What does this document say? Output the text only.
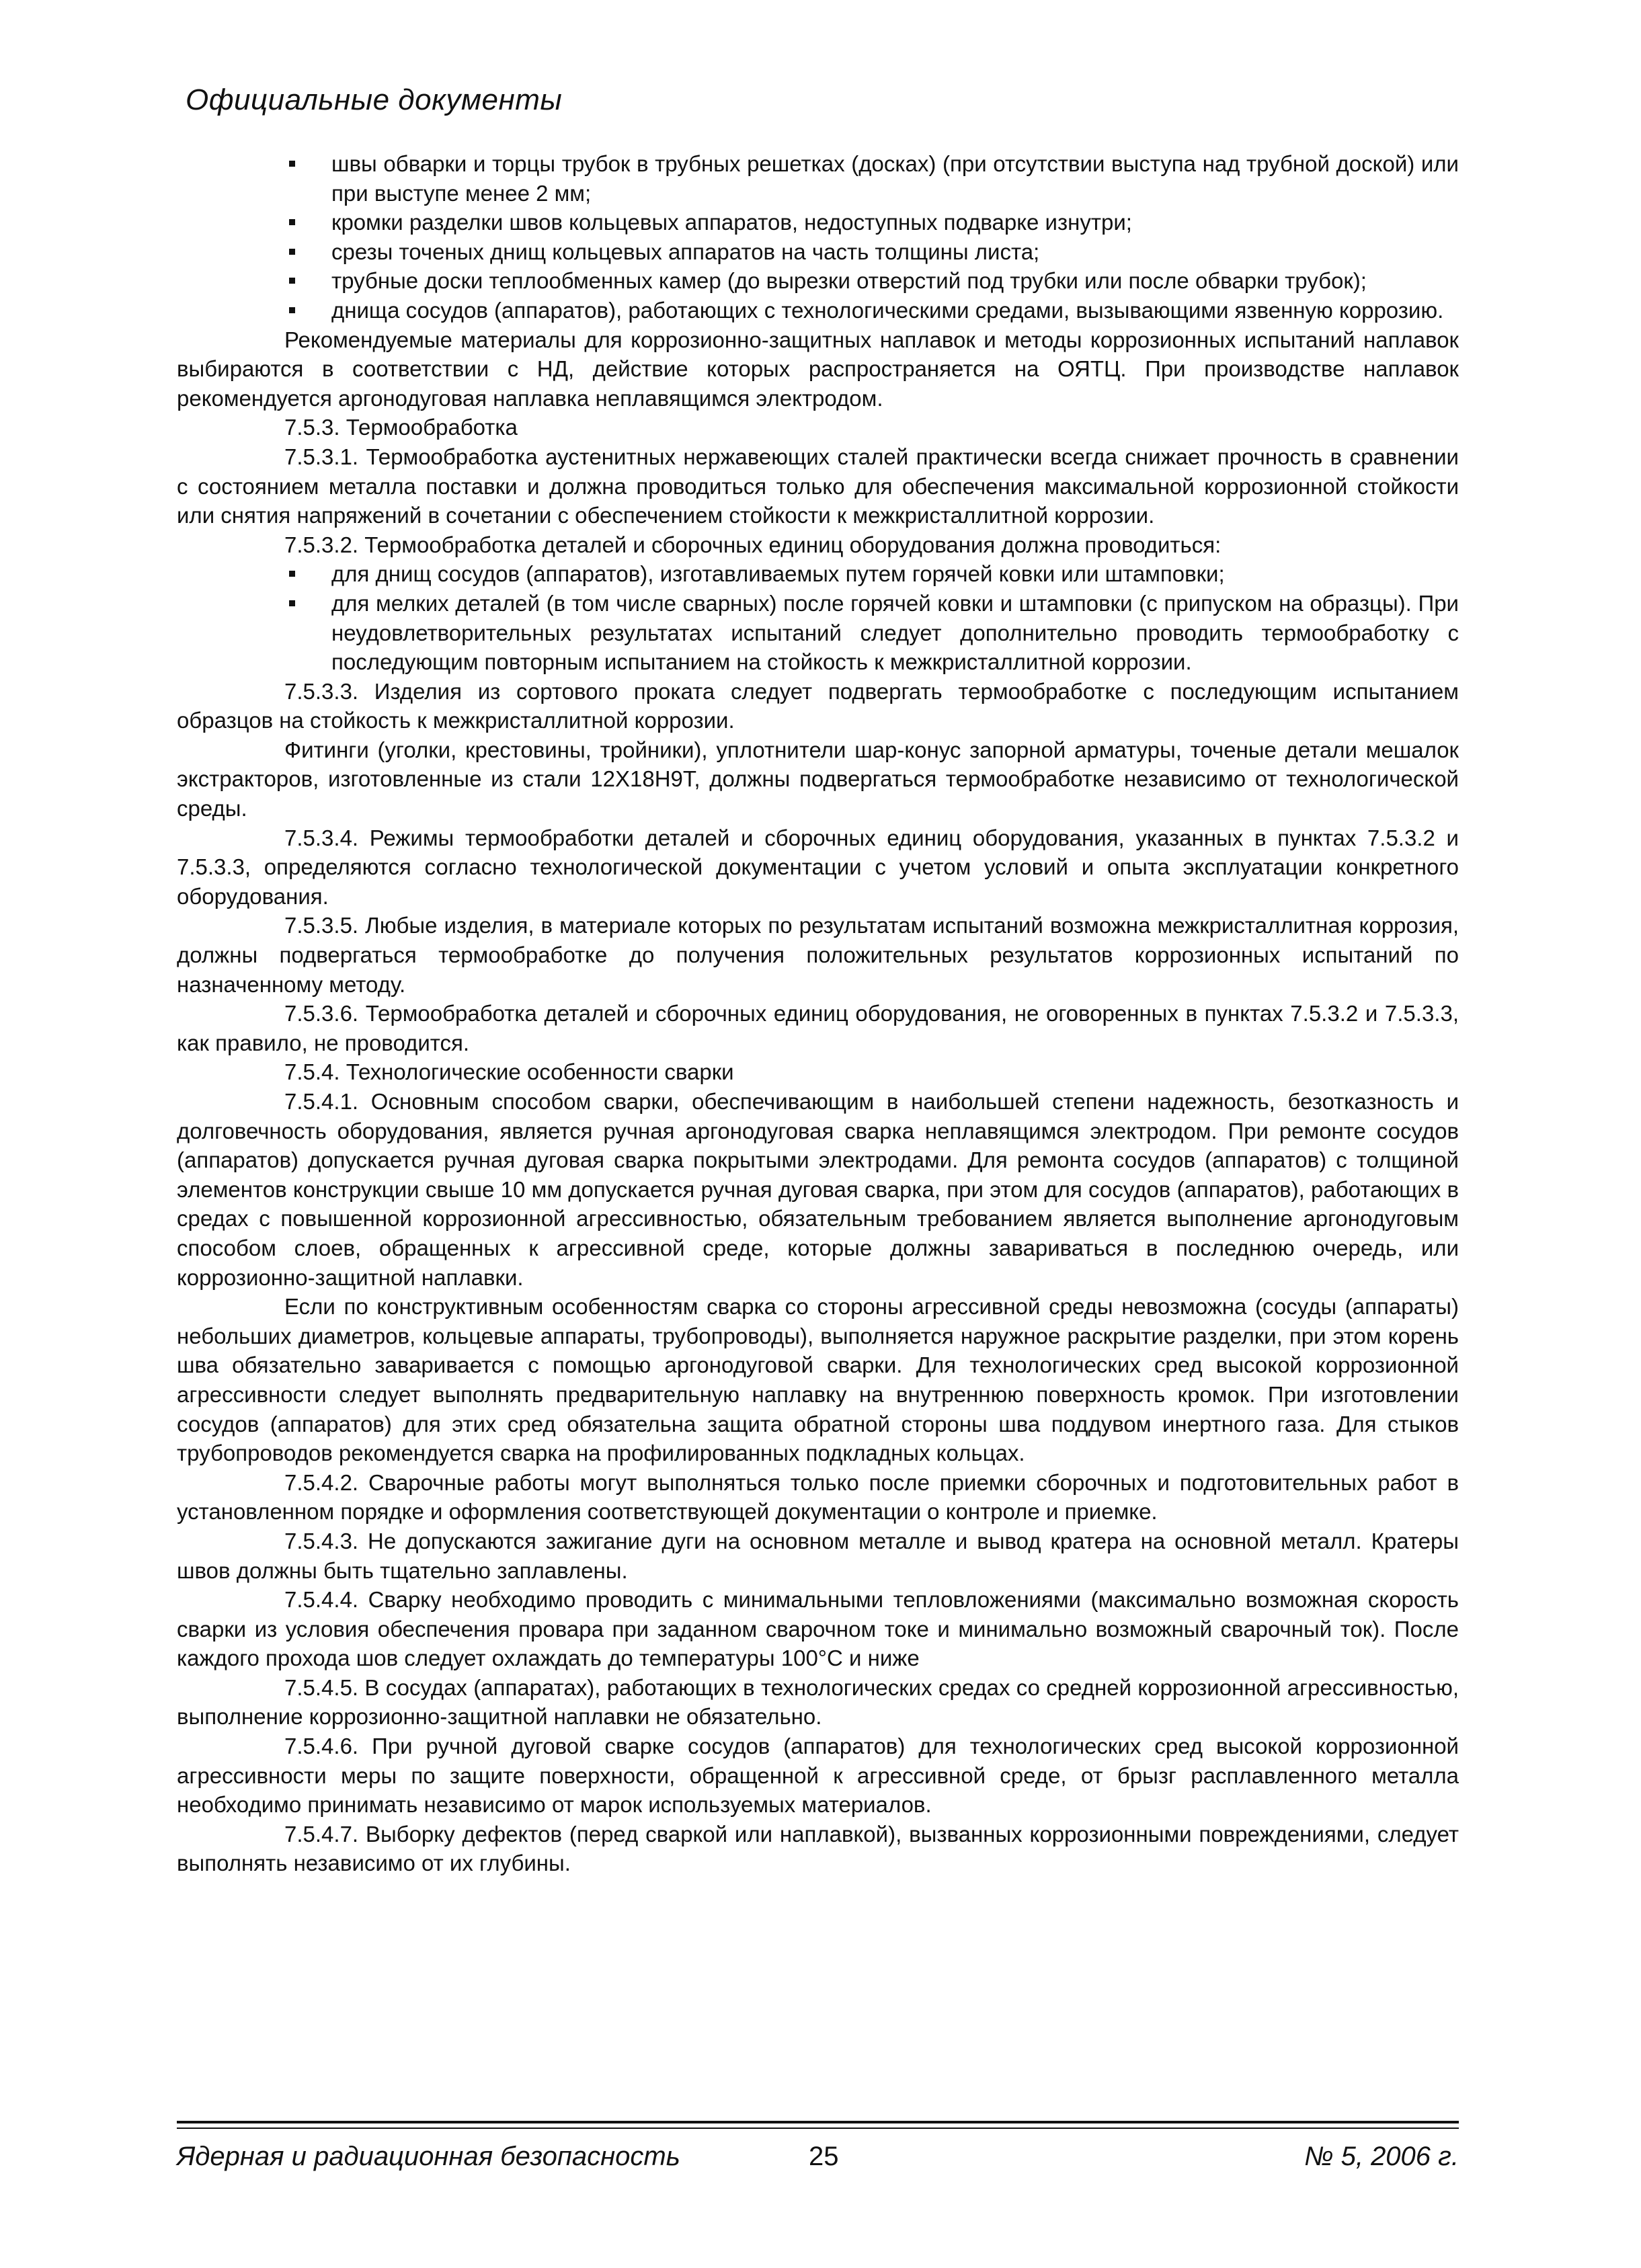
Официальные документы
швы обварки и торцы трубок в трубных решетках (досках) (при отсутствии выступа над трубной доской) или при выступе менее 2 мм;
кромки разделки швов кольцевых аппаратов, недоступных подварке изнутри;
срезы точеных днищ кольцевых аппаратов на часть толщины листа;
трубные доски теплообменных камер (до вырезки отверстий под трубки или после обварки трубок);
днища сосудов (аппаратов), работающих с технологическими средами, вызывающими язвенную коррозию.

Рекомендуемые материалы для коррозионно-защитных наплавок и методы коррозионных испытаний наплавок выбираются в соответствии с НД, действие которых распространяется на ОЯТЦ. При производстве наплавок рекомендуется аргонодуговая наплавка неплавящимся электродом.

7.5.3. Термообработка

7.5.3.1. Термообработка аустенитных нержавеющих сталей практически всегда снижает прочность в сравнении с состоянием металла поставки и должна проводиться только для обеспечения максимальной коррозионной стойкости или снятия напряжений в сочетании с обеспечением стойкости к межкристаллитной коррозии.

7.5.3.2. Термообработка деталей и сборочных единиц оборудования должна проводиться:

для днищ сосудов (аппаратов), изготавливаемых путем горячей ковки или штамповки;
для мелких деталей (в том числе сварных) после горячей ковки и штамповки (с припуском на образцы). При неудовлетворительных результатах испытаний следует дополнительно проводить термообработку с последующим повторным испытанием на стойкость к межкристаллитной коррозии.

7.5.3.3. Изделия из сортового проката следует подвергать термообработке с последующим испытанием образцов на стойкость к межкристаллитной коррозии.

Фитинги (уголки, крестовины, тройники), уплотнители шар-конус запорной арматуры, точеные детали мешалок экстракторов, изготовленные из стали 12Х18Н9Т, должны подвергаться термообработке независимо от технологической среды.

7.5.3.4. Режимы термообработки деталей и сборочных единиц оборудования, указанных в пунктах 7.5.3.2 и 7.5.3.3, определяются согласно технологической документации с учетом условий и опыта эксплуатации конкретного оборудования.

7.5.3.5. Любые изделия, в материале которых по результатам испытаний возможна межкристаллитная коррозия, должны подвергаться термообработке до получения положительных результатов коррозионных испытаний по назначенному методу.

7.5.3.6. Термообработка деталей и сборочных единиц оборудования, не оговоренных в пунктах 7.5.3.2 и 7.5.3.3, как правило, не проводится.

7.5.4. Технологические особенности сварки

7.5.4.1. Основным способом сварки, обеспечивающим в наибольшей степени надежность, безотказность и долговечность оборудования, является ручная аргонодуговая сварка неплавящимся электродом. При ремонте сосудов (аппаратов) допускается ручная дуговая сварка покрытыми электродами. Для ремонта сосудов (аппаратов) с толщиной элементов конструкции свыше 10 мм допускается ручная дуговая сварка, при этом для сосудов (аппаратов), работающих в средах с повышенной коррозионной агрессивностью, обязательным требованием является выполнение аргонодуговым способом слоев, обращенных к агрессивной среде, которые должны завариваться в последнюю очередь, или коррозионно-защитной наплавки.

Если по конструктивным особенностям сварка со стороны агрессивной среды невозможна (сосуды (аппараты) небольших диаметров, кольцевые аппараты, трубопроводы), выполняется наружное раскрытие разделки, при этом корень шва обязательно заваривается с помощью аргонодуговой сварки. Для технологических сред высокой коррозионной агрессивности следует выполнять предварительную наплавку на внутреннюю поверхность кромок. При изготовлении сосудов (аппаратов) для этих сред обязательна защита обратной стороны шва поддувом инертного газа. Для стыков трубопроводов рекомендуется сварка на профилированных подкладных кольцах.

7.5.4.2. Сварочные работы могут выполняться только после приемки сборочных и подготовительных работ в установленном порядке и оформления соответствующей документации о контроле и приемке.

7.5.4.3. Не допускаются зажигание дуги на основном металле и вывод кратера на основной металл. Кратеры швов должны быть тщательно заплавлены.

7.5.4.4. Сварку необходимо проводить с минимальными тепловложениями (максимально возможная скорость сварки из условия обеспечения провара при заданном сварочном токе и минимально возможный сварочный ток). После каждого прохода шов следует охлаждать до температуры 100°С и ниже

7.5.4.5. В сосудах (аппаратах), работающих в технологических средах со средней коррозионной агрессивностью, выполнение коррозионно-защитной наплавки не обязательно.

7.5.4.6. При ручной дуговой сварке сосудов (аппаратов) для технологических сред высокой коррозионной агрессивности меры по защите поверхности, обращенной к агрессивной среде, от брызг расплавленного металла необходимо принимать независимо от марок используемых материалов.

7.5.4.7. Выборку дефектов (перед сваркой или наплавкой), вызванных коррозионными повреждениями, следует выполнять независимо от их глубины.

Ядерная и радиационная безопасность	25	№ 5, 2006 г.
